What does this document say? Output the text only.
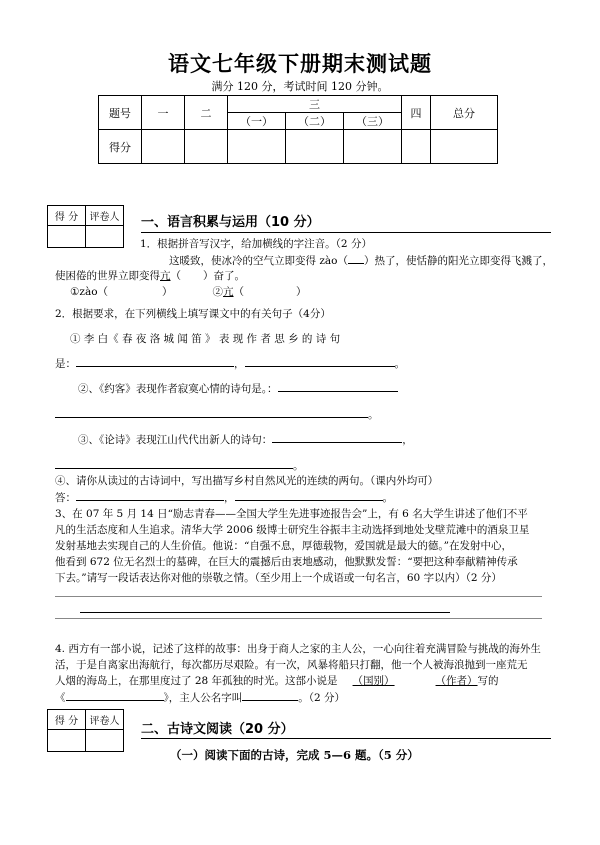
语文七年级下册期末测试题
满分 120 分，考试时间 120 分钟。
题号	一	二	三			四	总分
			（一）	（二）	（三）		
得分							
得 分	评卷人
	一、语言积累与运用（10 分）
1．根据拼音写汉字，给加横线的字注音。（2 分）
这暖致，使冰冷的空气立即变得 zào（ ）热了，使恬静的阳光立即变得飞溅了，
使困倦的世界立即变得亢（ ）奋了。
①zào（	）	②亢（	）
2．根据要求，在下列横线上填写课文中的有关句子（4分）
① 李 白《 春 夜 洛 城 闻 笛 》 表 现 作 者 思 乡 的 诗 句
是：	，	。
②、《约客》表现作者寂寞心情的诗句是。：
。
③、《论诗》表现江山代代出新人的诗句：	，
。
④、请你从读过的古诗词中，写出描写乡村自然风光的连续的两句。（课内外均可）
答：	，	。
3、在 07 年 5 月 14 日“励志青春——全国大学生先进事迹报告会”上，有 6 名大学生讲述了他们不平
凡的生活态度和人生追求。清华大学 2006 级博士研究生谷振丰主动选择到地处戈壁荒滩中的酒泉卫星
发射基地去实现自己的人生价值。他说：“自强不息，厚德载物，爱国就是最大的德。”在发射中心，
他看到 672 位无名烈士的墓碑，在巨大的震撼后由衷地感动，他默默发誓：“要把这种奉献精神传承
下去。”请写一段话表达你对他的崇敬之情。（至少用上一个成语或一句名言，60 字以内）（2 分）
4. 西方有一部小说，记述了这样的故事：出身于商人之家的主人公，一心向往着充满冒险与挑战的海外生
活，于是自离家出海航行，每次都历尽艰险。有一次，风暴将船只打翻，他一个人被海浪抛到一座荒无
人烟的海岛上，在那里度过了 28 年孤独的时光。这部小说是 （国别）	（作者）写的
《	》，主人公名字叫	。（2 分）
得 分	评卷人

二、古诗文阅读（20 分）
（一）阅读下面的古诗，完成 5—6 题。（5 分）
